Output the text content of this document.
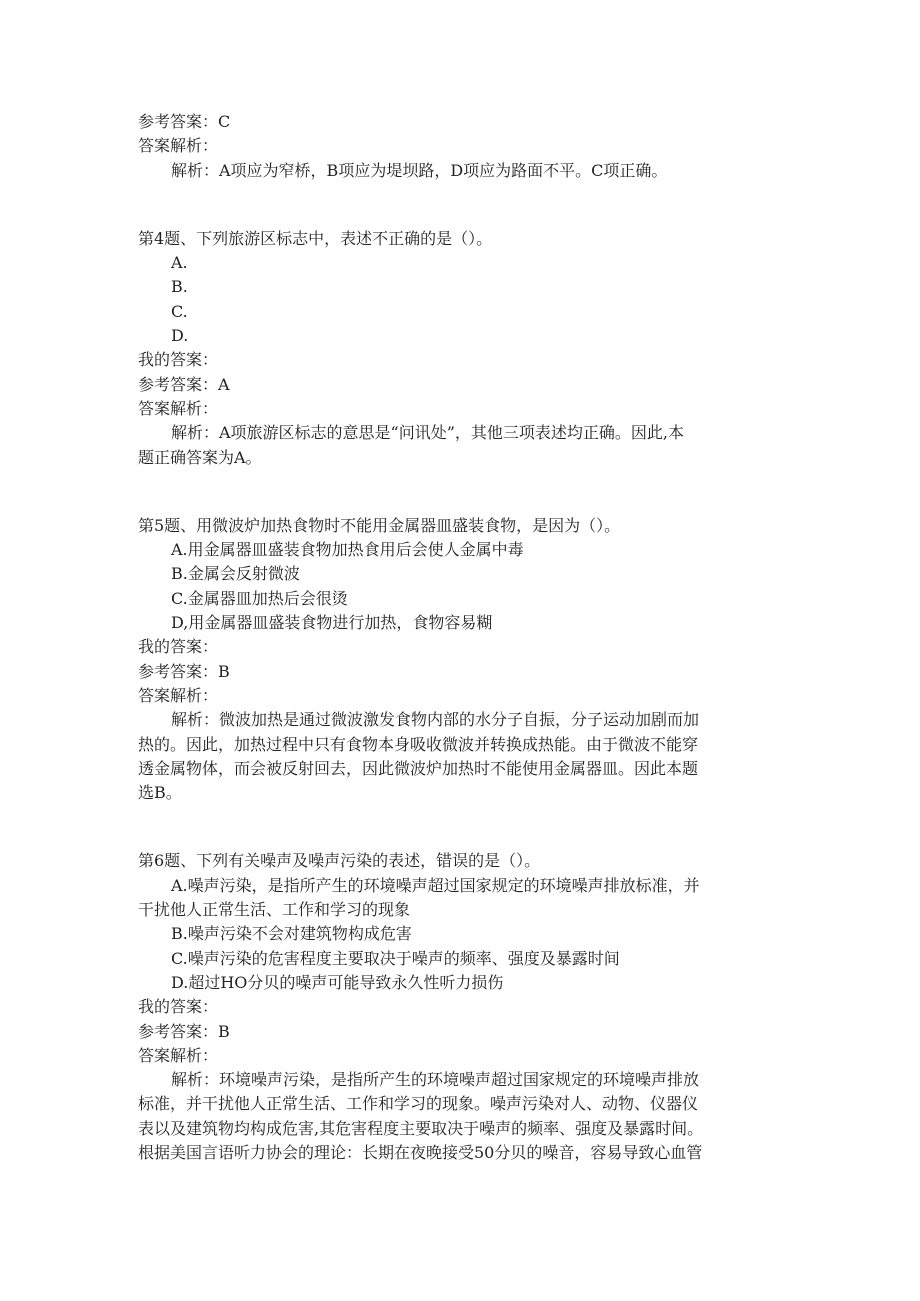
参考答案：C
答案解析：
解析：A项应为窄桥，B项应为堤坝路，D项应为路面不平。C项正确。
第4题、下列旅游区标志中，表述不正确的是（）。
A.
B.
C.
D.
我的答案：
参考答案：A
答案解析：
解析：A项旅游区标志的意思是“问讯处”，其他三项表述均正确。因此,本
题正确答案为A。
第5题、用微波炉加热食物时不能用金属器皿盛装食物，是因为（）。
A.用金属器皿盛装食物加热食用后会使人金属中毒
B.金属会反射微波
C.金属器皿加热后会很烫
D,用金属器皿盛装食物进行加热，食物容易糊
我的答案：
参考答案：B
答案解析：
解析：微波加热是通过微波激发食物内部的水分子自振，分子运动加剧而加
热的。因此，加热过程中只有食物本身吸收微波并转换成热能。由于微波不能穿
透金属物体，而会被反射回去，因此微波炉加热时不能使用金属器皿。因此本题
选B。
第6题、下列有关噪声及噪声污染的表述，错误的是（）。
A.噪声污染，是指所产生的环境噪声超过国家规定的环境噪声排放标准，并
干扰他人正常生活、工作和学习的现象
B.噪声污染不会对建筑物构成危害
C.噪声污染的危害程度主要取决于噪声的频率、强度及暴露时间
D.超过HO分贝的噪声可能导致永久性听力损伤
我的答案：
参考答案：B
答案解析：
解析：环境噪声污染，是指所产生的环境噪声超过国家规定的环境噪声排放
标准，并干扰他人正常生活、工作和学习的现象。噪声污染对人、动物、仪器仪
表以及建筑物均构成危害,其危害程度主要取决于噪声的频率、强度及暴露时间。
根据美国言语听力协会的理论：长期在夜晚接受50分贝的噪音，容易导致心血管
